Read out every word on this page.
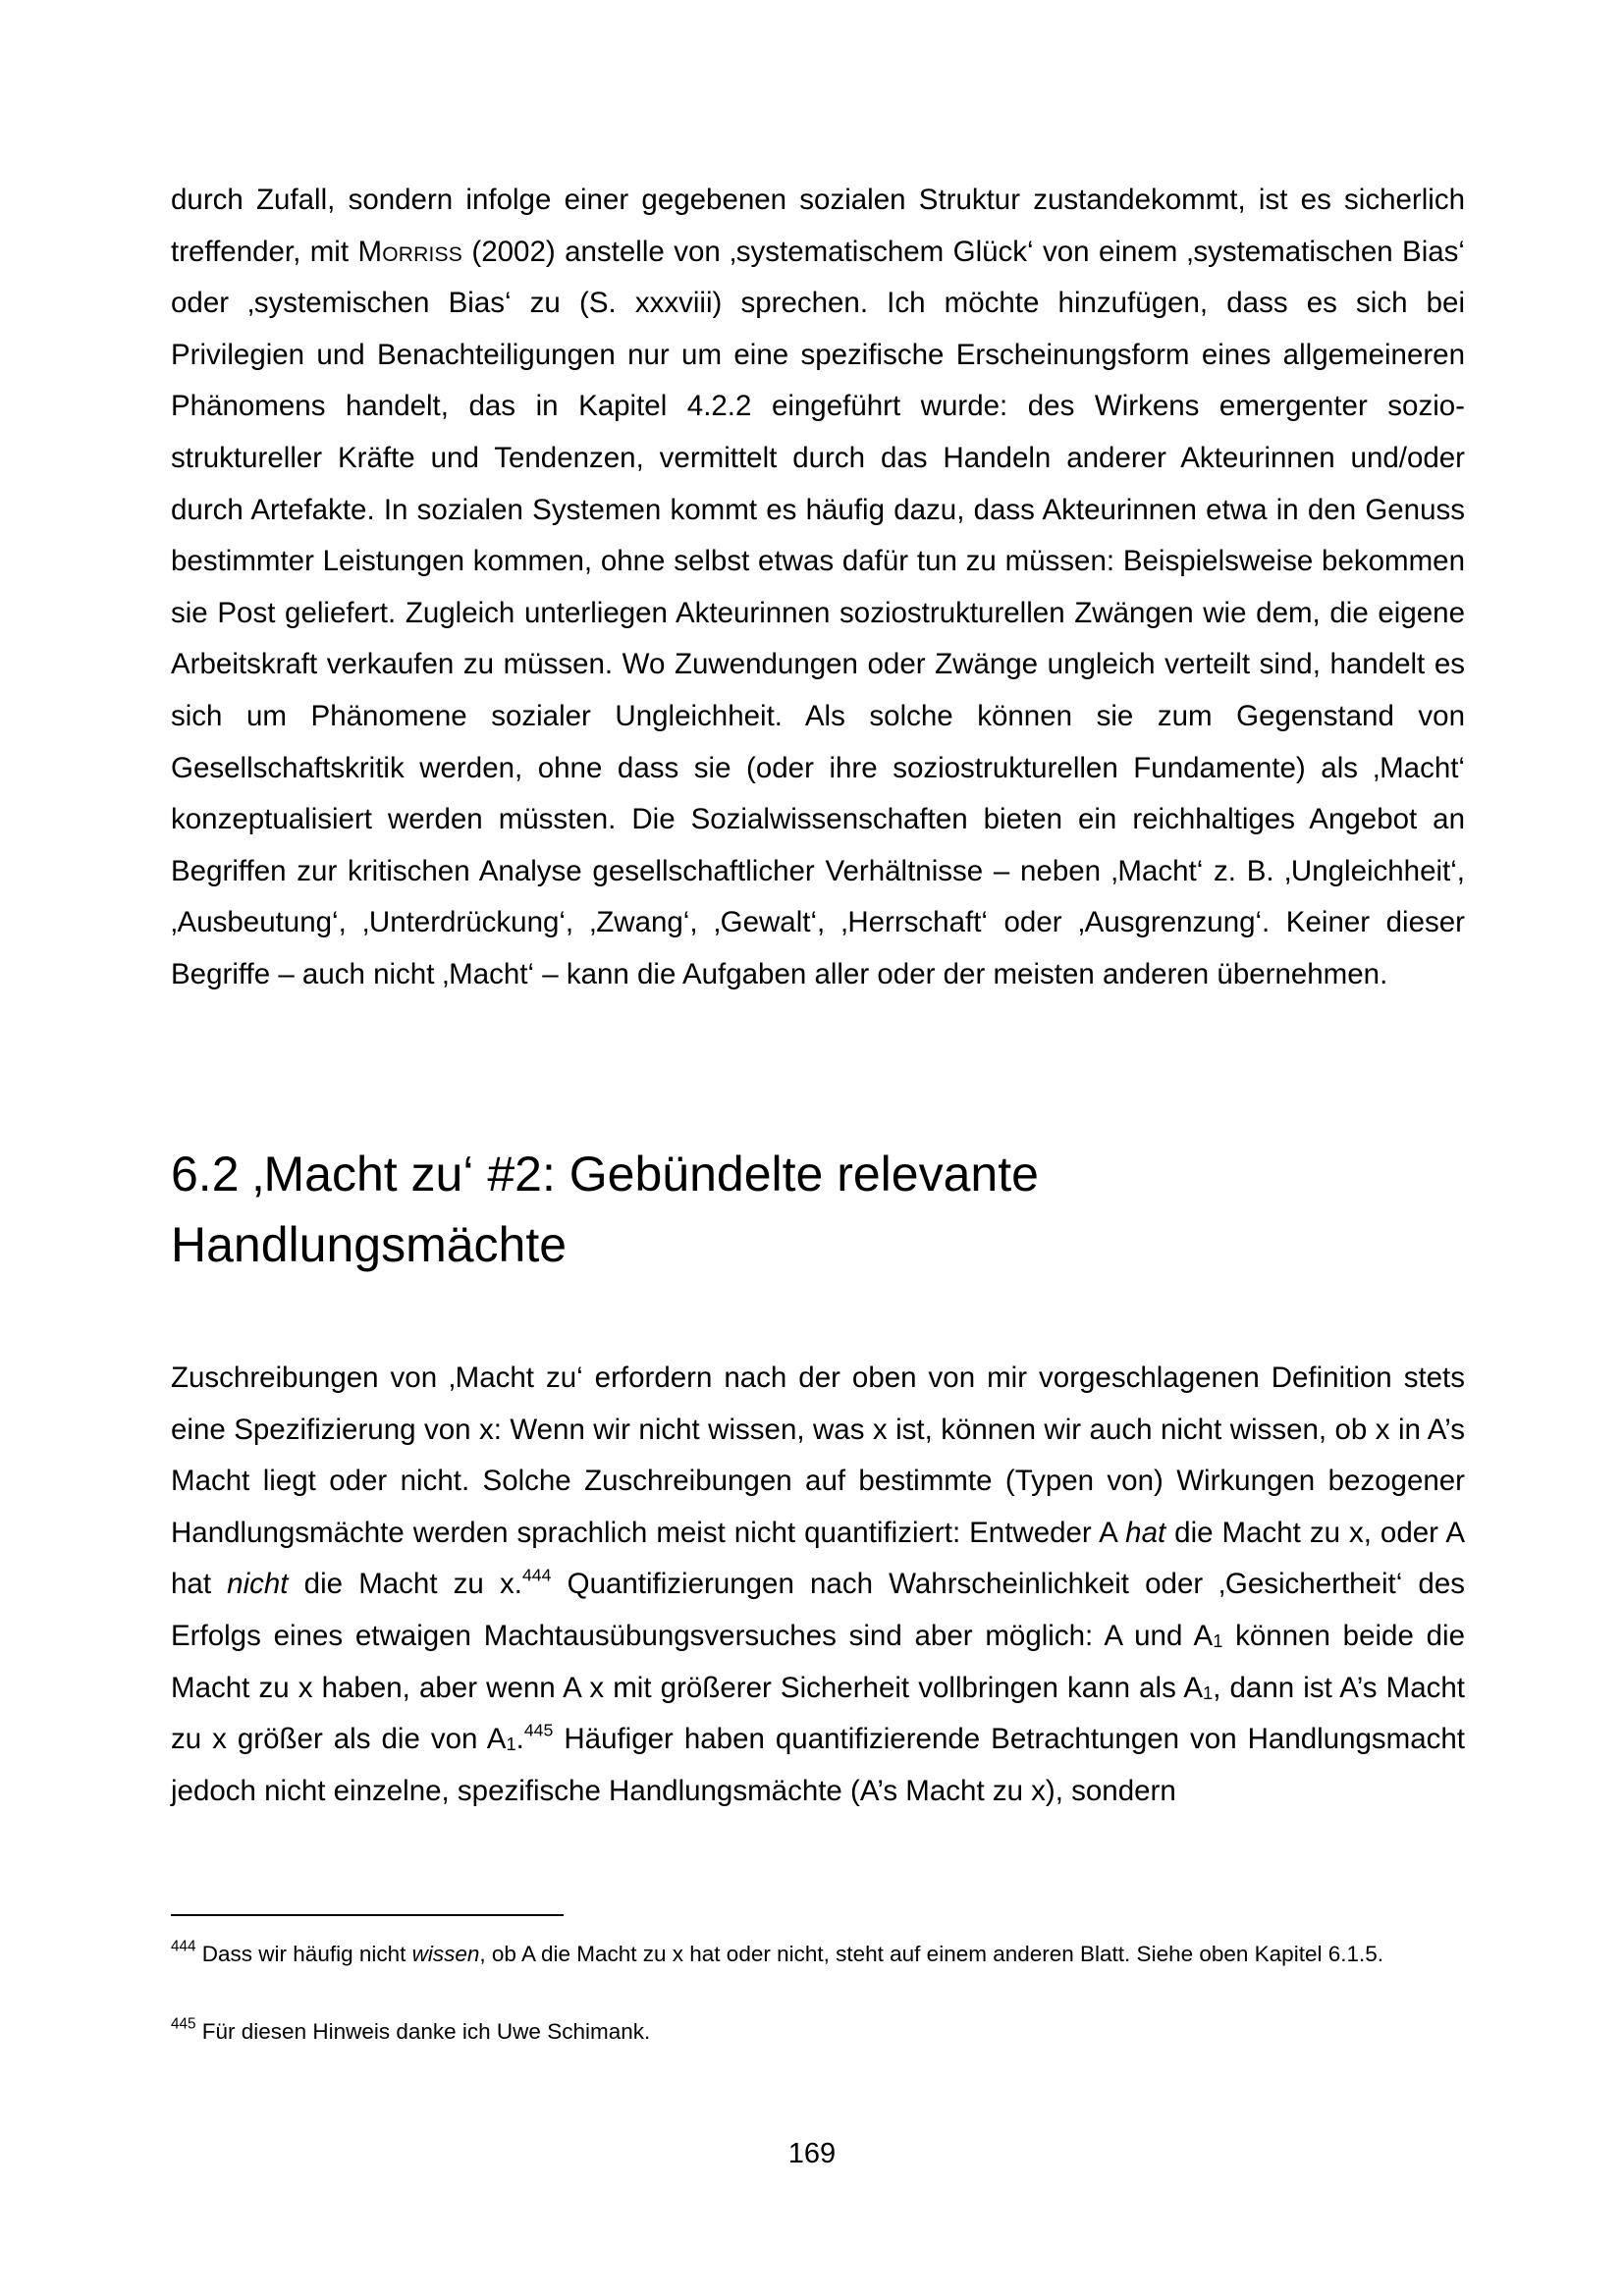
durch Zufall, sondern infolge einer gegebenen sozialen Struktur zustandekommt, ist es sicherlich treffender, mit Morriss (2002) anstelle von ‚systematischem Glück‘ von einem ‚systematischen Bias‘ oder ‚systemischen Bias‘ zu (S. xxxviii) sprechen. Ich möchte hinzufügen, dass es sich bei Privilegien und Benachteiligungen nur um eine spezifische Erscheinungsform eines allgemeineren Phänomens handelt, das in Kapitel 4.2.2 eingeführt wurde: des Wirkens emergenter soziostruktureller Kräfte und Tendenzen, vermittelt durch das Handeln anderer Akteurinnen und/oder durch Artefakte. In sozialen Systemen kommt es häufig dazu, dass Akteurinnen etwa in den Genuss bestimmter Leistungen kommen, ohne selbst etwas dafür tun zu müssen: Beispielsweise bekommen sie Post geliefert. Zugleich unterliegen Akteurinnen soziostrukturellen Zwängen wie dem, die eigene Arbeitskraft verkaufen zu müssen. Wo Zuwendungen oder Zwänge ungleich verteilt sind, handelt es sich um Phänomene sozialer Ungleichheit. Als solche können sie zum Gegenstand von Gesellschaftskritik werden, ohne dass sie (oder ihre soziostrukturellen Fundamente) als ‚Macht‘ konzeptualisiert werden müssten. Die Sozialwissenschaften bieten ein reichhaltiges Angebot an Begriffen zur kritischen Analyse gesellschaftlicher Verhältnisse – neben ‚Macht‘ z. B. ‚Ungleichheit‘, ‚Ausbeutung‘, ‚Unterdrückung‘, ‚Zwang‘, ‚Gewalt‘, ‚Herrschaft‘ oder ‚Ausgrenzung‘. Keiner dieser Begriffe – auch nicht ‚Macht‘ – kann die Aufgaben aller oder der meisten anderen übernehmen.

6.2 ‚Macht zu‘ #2: Gebündelte relevante
Handlungsmächte

Zuschreibungen von ‚Macht zu‘ erfordern nach der oben von mir vorgeschlagenen Definition stets eine Spezifizierung von x: Wenn wir nicht wissen, was x ist, können wir auch nicht wissen, ob x in A’s Macht liegt oder nicht. Solche Zuschreibungen auf bestimmte (Typen von) Wirkungen bezogener Handlungsmächte werden sprachlich meist nicht quantifiziert: Entweder A hat die Macht zu x, oder A hat nicht die Macht zu x.$^{444}$ Quantifizierungen nach Wahrscheinlichkeit oder ‚Gesichertheit‘ des Erfolgs eines etwaigen Machtausübungsversuches sind aber möglich: A und $A_1$ können beide die Macht zu x haben, aber wenn A x mit größerer Sicherheit vollbringen kann als $A_1$, dann ist A’s Macht zu x größer als die von $A_1.^{445}$ Häufiger haben quantifizierende Betrachtungen von Handlungsmacht jedoch nicht einzelne, spezifische Handlungsmächte (A’s Macht zu x), sondern

$^{444}$ Dass wir häufig nicht wissen, ob A die Macht zu x hat oder nicht, steht auf einem anderen Blatt. Siehe oben Kapitel 6.1.5.

$^{445}$ Für diesen Hinweis danke ich Uwe Schimank.

169
